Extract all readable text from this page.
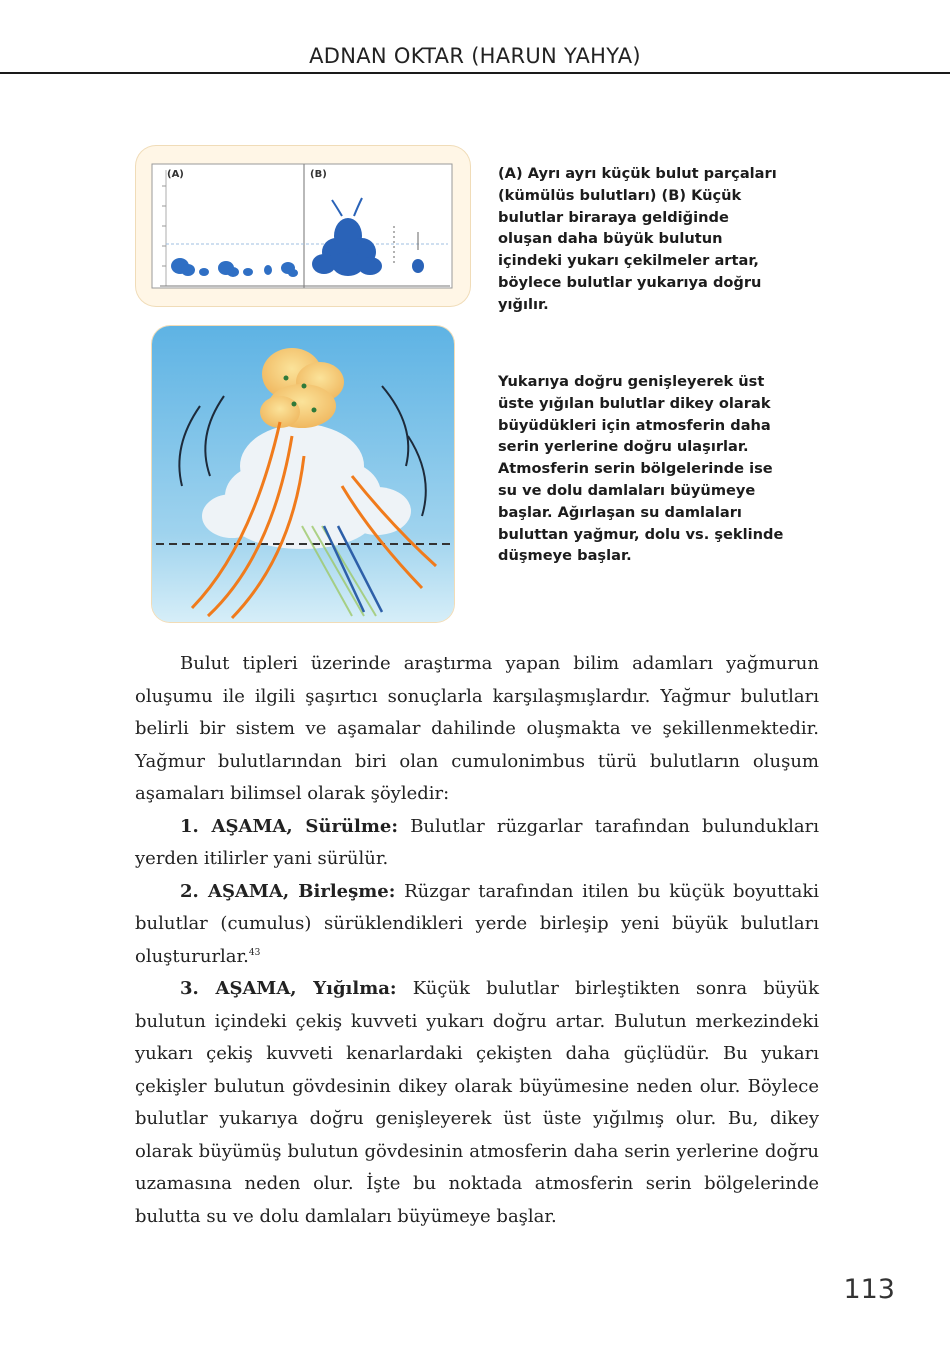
ADNAN OKTAR (HARUN YAHYA)
(A)	(B)	(A) Ayrı ayrı küçük bulut parçaları (kümülüs bulutları) (B) Küçük bulutlar biraraya geldiğinde oluşan daha büyük bulutun içindeki yukarı çekilmeler artar, böylece bulutlar yukarıya doğru yığılır.
Yukarıya doğru genişleyerek üst üste yığılan bulutlar dikey olarak büyüdükleri için atmosferin daha serin yerlerine doğru ulaşırlar. Atmosferin serin bölgelerinde ise su ve dolu damlaları büyümeye başlar. Ağırlaşan su damlaları buluttan yağmur, dolu vs. şeklinde düşmeye başlar.

Bulut tipleri üzerinde araştırma yapan bilim adamları yağmurun oluşumu ile ilgili şaşırtıcı sonuçlarla karşılaşmışlardır. Yağmur bulutları belirli bir sistem ve aşamalar dahilinde oluşmakta ve şekillenmektedir. Yağmur bulutlarından biri olan cumulonimbus türü bulutların oluşum aşamaları bilimsel olarak şöyledir:

1. AŞAMA, Sürülme: Bulutlar rüzgarlar tarafından bulundukları yerden itilirler yani sürülür.

2. AŞAMA, Birleşme: Rüzgar tarafından itilen bu küçük boyuttaki bulutlar (cumulus) sürüklendikleri yerde birleşip yeni büyük bulutları oluştururlar.$^{43}$

3. AŞAMA, Yığılma: Küçük bulutlar birleştikten sonra büyük bulutun içindeki çekiş kuvveti yukarı doğru artar. Bulutun merkezindeki yukarı çekiş kuvveti kenarlardaki çekişten daha güçlüdür. Bu yukarı çekişler bulutun gövdesinin dikey olarak büyümesine neden olur. Böylece bulutlar yukarıya doğru genişleyerek üst üste yığılmış olur. Bu, dikey olarak büyümüş bulutun gövdesinin atmosferin daha serin yerlerine doğru uzamasına neden olur. İşte bu noktada atmosferin serin bölgelerinde bulutta su ve dolu damlaları büyümeye başlar.

113
